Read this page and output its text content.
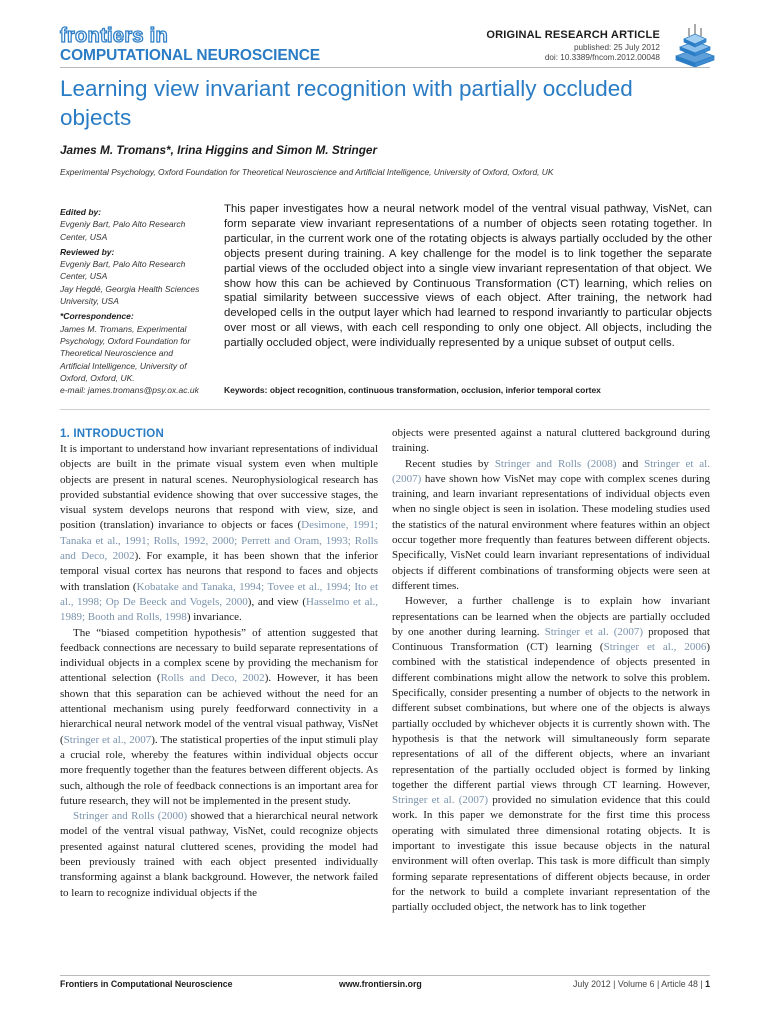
frontiers in
COMPUTATIONAL NEUROSCIENCE
ORIGINAL RESEARCH ARTICLE
published: 25 July 2012
doi: 10.3389/fncom.2012.00048
Learning view invariant recognition with partially occluded objects
James M. Tromans*, Irina Higgins and Simon M. Stringer
Experimental Psychology, Oxford Foundation for Theoretical Neuroscience and Artificial Intelligence, University of Oxford, Oxford, UK
Edited by:
Evgeniy Bart, Palo Alto Research
Center, USA
Reviewed by:
Evgeniy Bart, Palo Alto Research
Center, USA
Jay Hegdé, Georgia Health Sciences
University, USA
*Correspondence:
James M. Tromans, Experimental
Psychology, Oxford Foundation for
Theoretical Neuroscience and
Artificial Intelligence, University of
Oxford, Oxford, UK.
e-mail: james.tromans@psy.ox.ac.uk
This paper investigates how a neural network model of the ventral visual pathway, VisNet, can form separate view invariant representations of a number of objects seen rotating together. In particular, in the current work one of the rotating objects is always partially occluded by the other objects present during training. A key challenge for the model is to link together the separate partial views of the occluded object into a single view invariant representation of that object. We show how this can be achieved by Continuous Transformation (CT) learning, which relies on spatial similarity between successive views of each object. After training, the network had developed cells in the output layer which had learned to respond invariantly to particular objects over most or all views, with each cell responding to only one object. All objects, including the partially occluded object, were individually represented by a unique subset of output cells.
Keywords: object recognition, continuous transformation, occlusion, inferior temporal cortex
1. INTRODUCTION

It is important to understand how invariant representations of individual objects are built in the primate visual system even when multiple objects are present in natural scenes. Neurophysiological research has provided substantial evidence showing that over successive stages, the visual system develops neurons that respond with view, size, and position (translation) invariance to objects or faces (Desimone, 1991; Tanaka et al., 1991; Rolls, 1992, 2000; Perrett and Oram, 1993; Rolls and Deco, 2002). For example, it has been shown that the inferior temporal visual cortex has neurons that respond to faces and objects with translation (Kobatake and Tanaka, 1994; Tovee et al., 1994; Ito et al., 1998; Op De Beeck and Vogels, 2000), and view (Hasselmo et al., 1989; Booth and Rolls, 1998) invariance.

The “biased competition hypothesis” of attention suggested that feedback connections are necessary to build separate representations of individual objects in a complex scene by providing the mechanism for attentional selection (Rolls and Deco, 2002). However, it has been shown that this separation can be achieved without the need for an attentional mechanism using purely feedforward connectivity in a hierarchical neural network model of the ventral visual pathway, VisNet (Stringer et al., 2007). The statistical properties of the input stimuli play a crucial role, whereby the features within individual objects occur more frequently together than the features between different objects. As such, although the role of feedback connections is an important area for future research, they will not be implemented in the present study.

Stringer and Rolls (2000) showed that a hierarchical neural network model of the ventral visual pathway, VisNet, could recognize objects presented against natural cluttered scenes, providing the model had been previously trained with each object presented individually transforming against a blank background. However, the network failed to learn to recognize individual objects if the

objects were presented against a natural cluttered background during training.

Recent studies by Stringer and Rolls (2008) and Stringer et al. (2007) have shown how VisNet may cope with complex scenes during training, and learn invariant representations of individual objects even when no single object is seen in isolation. These modeling studies used the statistics of the natural environment where features within an object occur together more frequently than features between different objects. Specifically, VisNet could learn invariant representations of individual objects if different combinations of transforming objects were seen at different times.

However, a further challenge is to explain how invariant representations can be learned when the objects are partially occluded by one another during learning. Stringer et al. (2007) proposed that Continuous Transformation (CT) learning (Stringer et al., 2006) combined with the statistical independence of objects presented in different combinations might allow the network to solve this problem. Specifically, consider presenting a number of objects to the network in different subset combinations, but where one of the objects is always partially occluded by whichever objects it is currently shown with. The hypothesis is that the network will simultaneously form separate representations of all of the different objects, where an invariant representation of the partially occluded object is formed by linking together the different partial views through CT learning. However, Stringer et al. (2007) provided no simulation evidence that this could work. In this paper we demonstrate for the first time this process operating with simulated three dimensional rotating objects. It is important to investigate this issue because objects in the natural environment will often overlap. This task is more difficult than simply forming separate representations of different objects because, in order for the network to build a complete invariant representation of the partially occluded object, the network has to link together

Frontiers in Computational Neuroscience	www.frontiersin.org	July 2012 | Volume 6 | Article 48 | 1
